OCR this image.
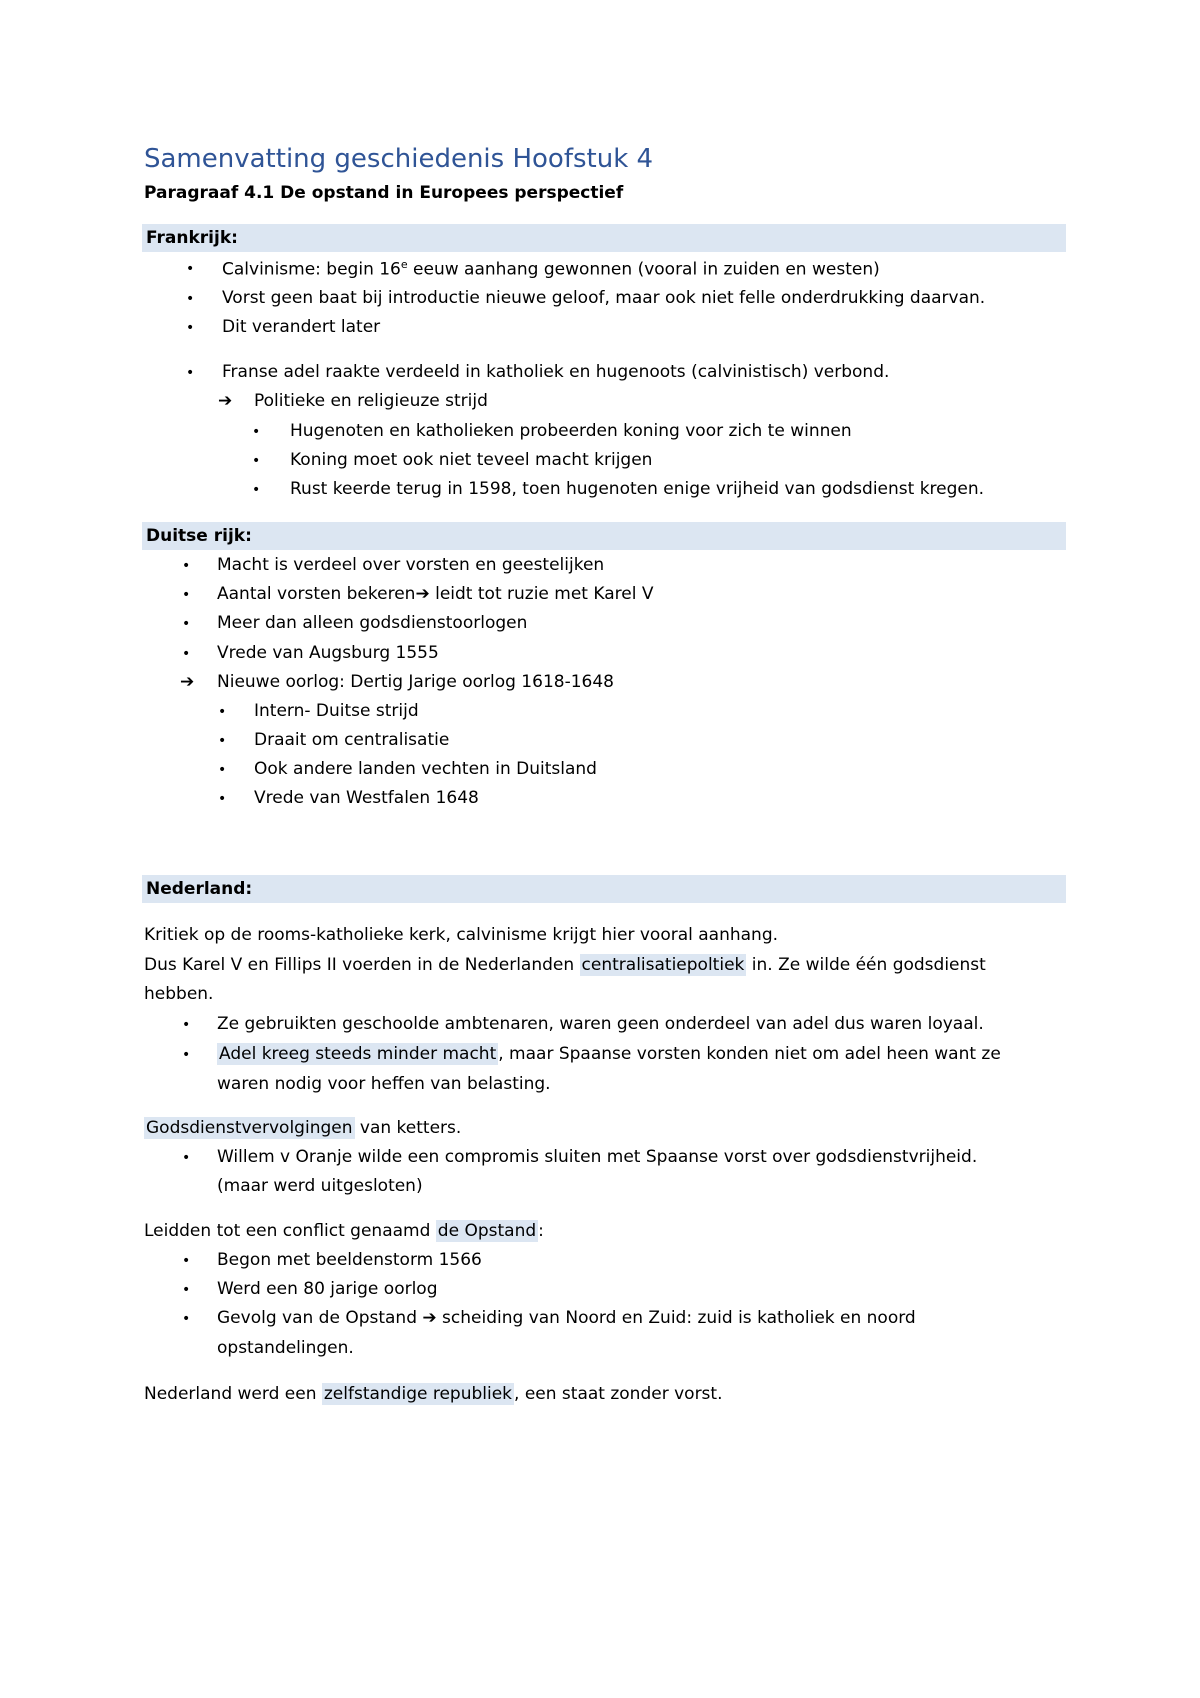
Samenvatting geschiedenis Hoofstuk 4
Paragraaf 4.1 De opstand in Europees perspectief
Frankrijk:
• Calvinisme: begin 16e eeuw aanhang gewonnen (vooral in zuiden en westen)
• Vorst geen baat bij introductie nieuwe geloof, maar ook niet felle onderdrukking daarvan.
• Dit verandert later
• Franse adel raakte verdeeld in katholiek en hugenoots (calvinistisch) verbond.
➔ Politieke en religieuze strijd
• Hugenoten en katholieken probeerden koning voor zich te winnen
• Koning moet ook niet teveel macht krijgen
• Rust keerde terug in 1598, toen hugenoten enige vrijheid van godsdienst kregen.
Duitse rijk:
• Macht is verdeel over vorsten en geestelijken
• Aantal vorsten bekeren➔ leidt tot ruzie met Karel V
• Meer dan alleen godsdienstoorlogen
• Vrede van Augsburg 1555
➔ Nieuwe oorlog: Dertig Jarige oorlog 1618-1648
• Intern- Duitse strijd
• Draait om centralisatie
• Ook andere landen vechten in Duitsland
• Vrede van Westfalen 1648
Nederland:
Kritiek op de rooms-katholieke kerk, calvinisme krijgt hier vooral aanhang.
Dus Karel V en Fillips II voerden in de Nederlanden centralisatiepoltiek in. Ze wilde één godsdienst
hebben.
• Ze gebruikten geschoolde ambtenaren, waren geen onderdeel van adel dus waren loyaal.
• Adel kreeg steeds minder macht , maar Spaanse vorsten konden niet om adel heen want ze
waren nodig voor heffen van belasting.
Godsdienstvervolgingen van ketters.
• Willem v Oranje wilde een compromis sluiten met Spaanse vorst over godsdienstvrijheid.
(maar werd uitgesloten)
Leidden tot een conflict genaamd de Opstand :
• Begon met beeldenstorm 1566
• Werd een 80 jarige oorlog
• Gevolg van de Opstand ➔ scheiding van Noord en Zuid: zuid is katholiek en noord
opstandelingen.
Nederland werd een zelfstandige republiek , een staat zonder vorst.
